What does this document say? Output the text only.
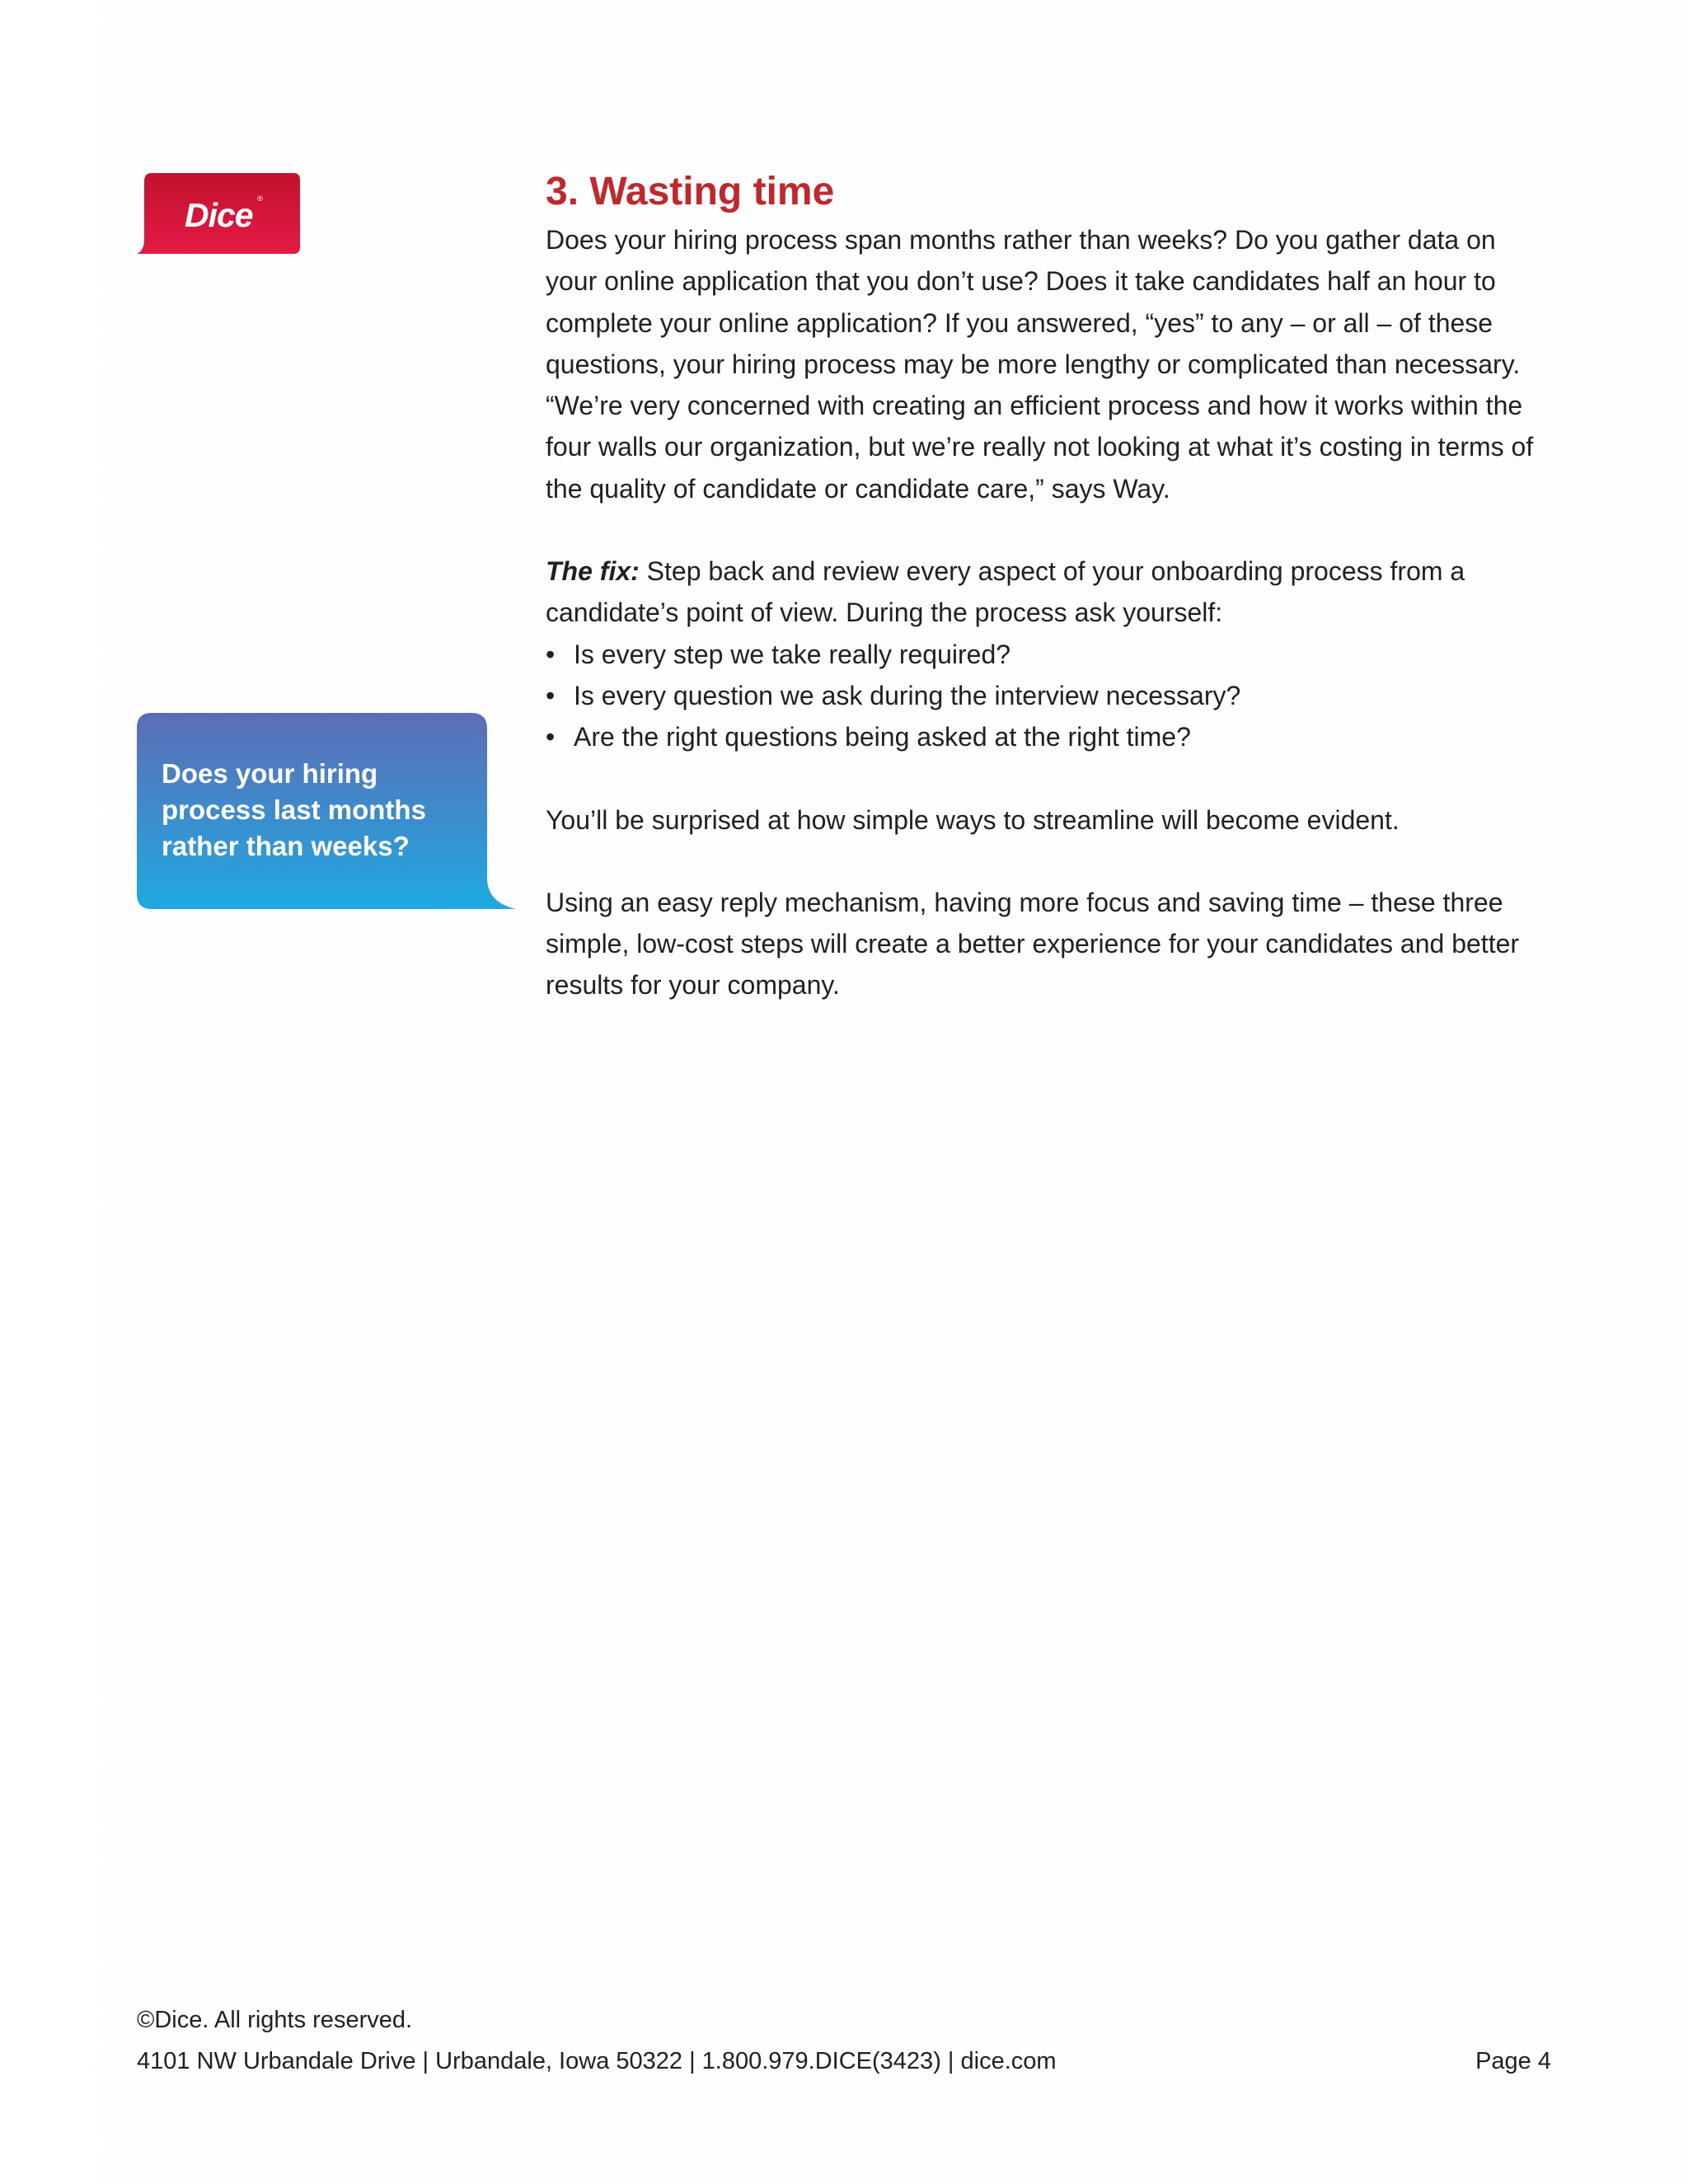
Dice ®
Does your hiring process last months rather than weeks?
3. Wasting time

Does your hiring process span months rather than weeks? Do you gather data on your online application that you don’t use? Does it take candidates half an hour to complete your online application? If you answered, “yes” to any – or all – of these questions, your hiring process may be more lengthy or complicated than necessary. “We’re very concerned with creating an efficient process and how it works within the four walls our organization, but we’re really not looking at what it’s costing in terms of the quality of candidate or candidate care,” says Way.

The fix: Step back and review every aspect of your onboarding process from a candidate’s point of view. During the process ask yourself:

• Is every step we take really required?
• Is every question we ask during the interview necessary?
• Are the right questions being asked at the right time?

You’ll be surprised at how simple ways to streamline will become evident.

Using an easy reply mechanism, having more focus and saving time – these three simple, low-cost steps will create a better experience for your candidates and better results for your company.

©Dice. All rights reserved.
4101 NW Urbandale Drive | Urbandale, Iowa 50322 | 1.800.979.DICE(3423) | dice.com	Page 4
